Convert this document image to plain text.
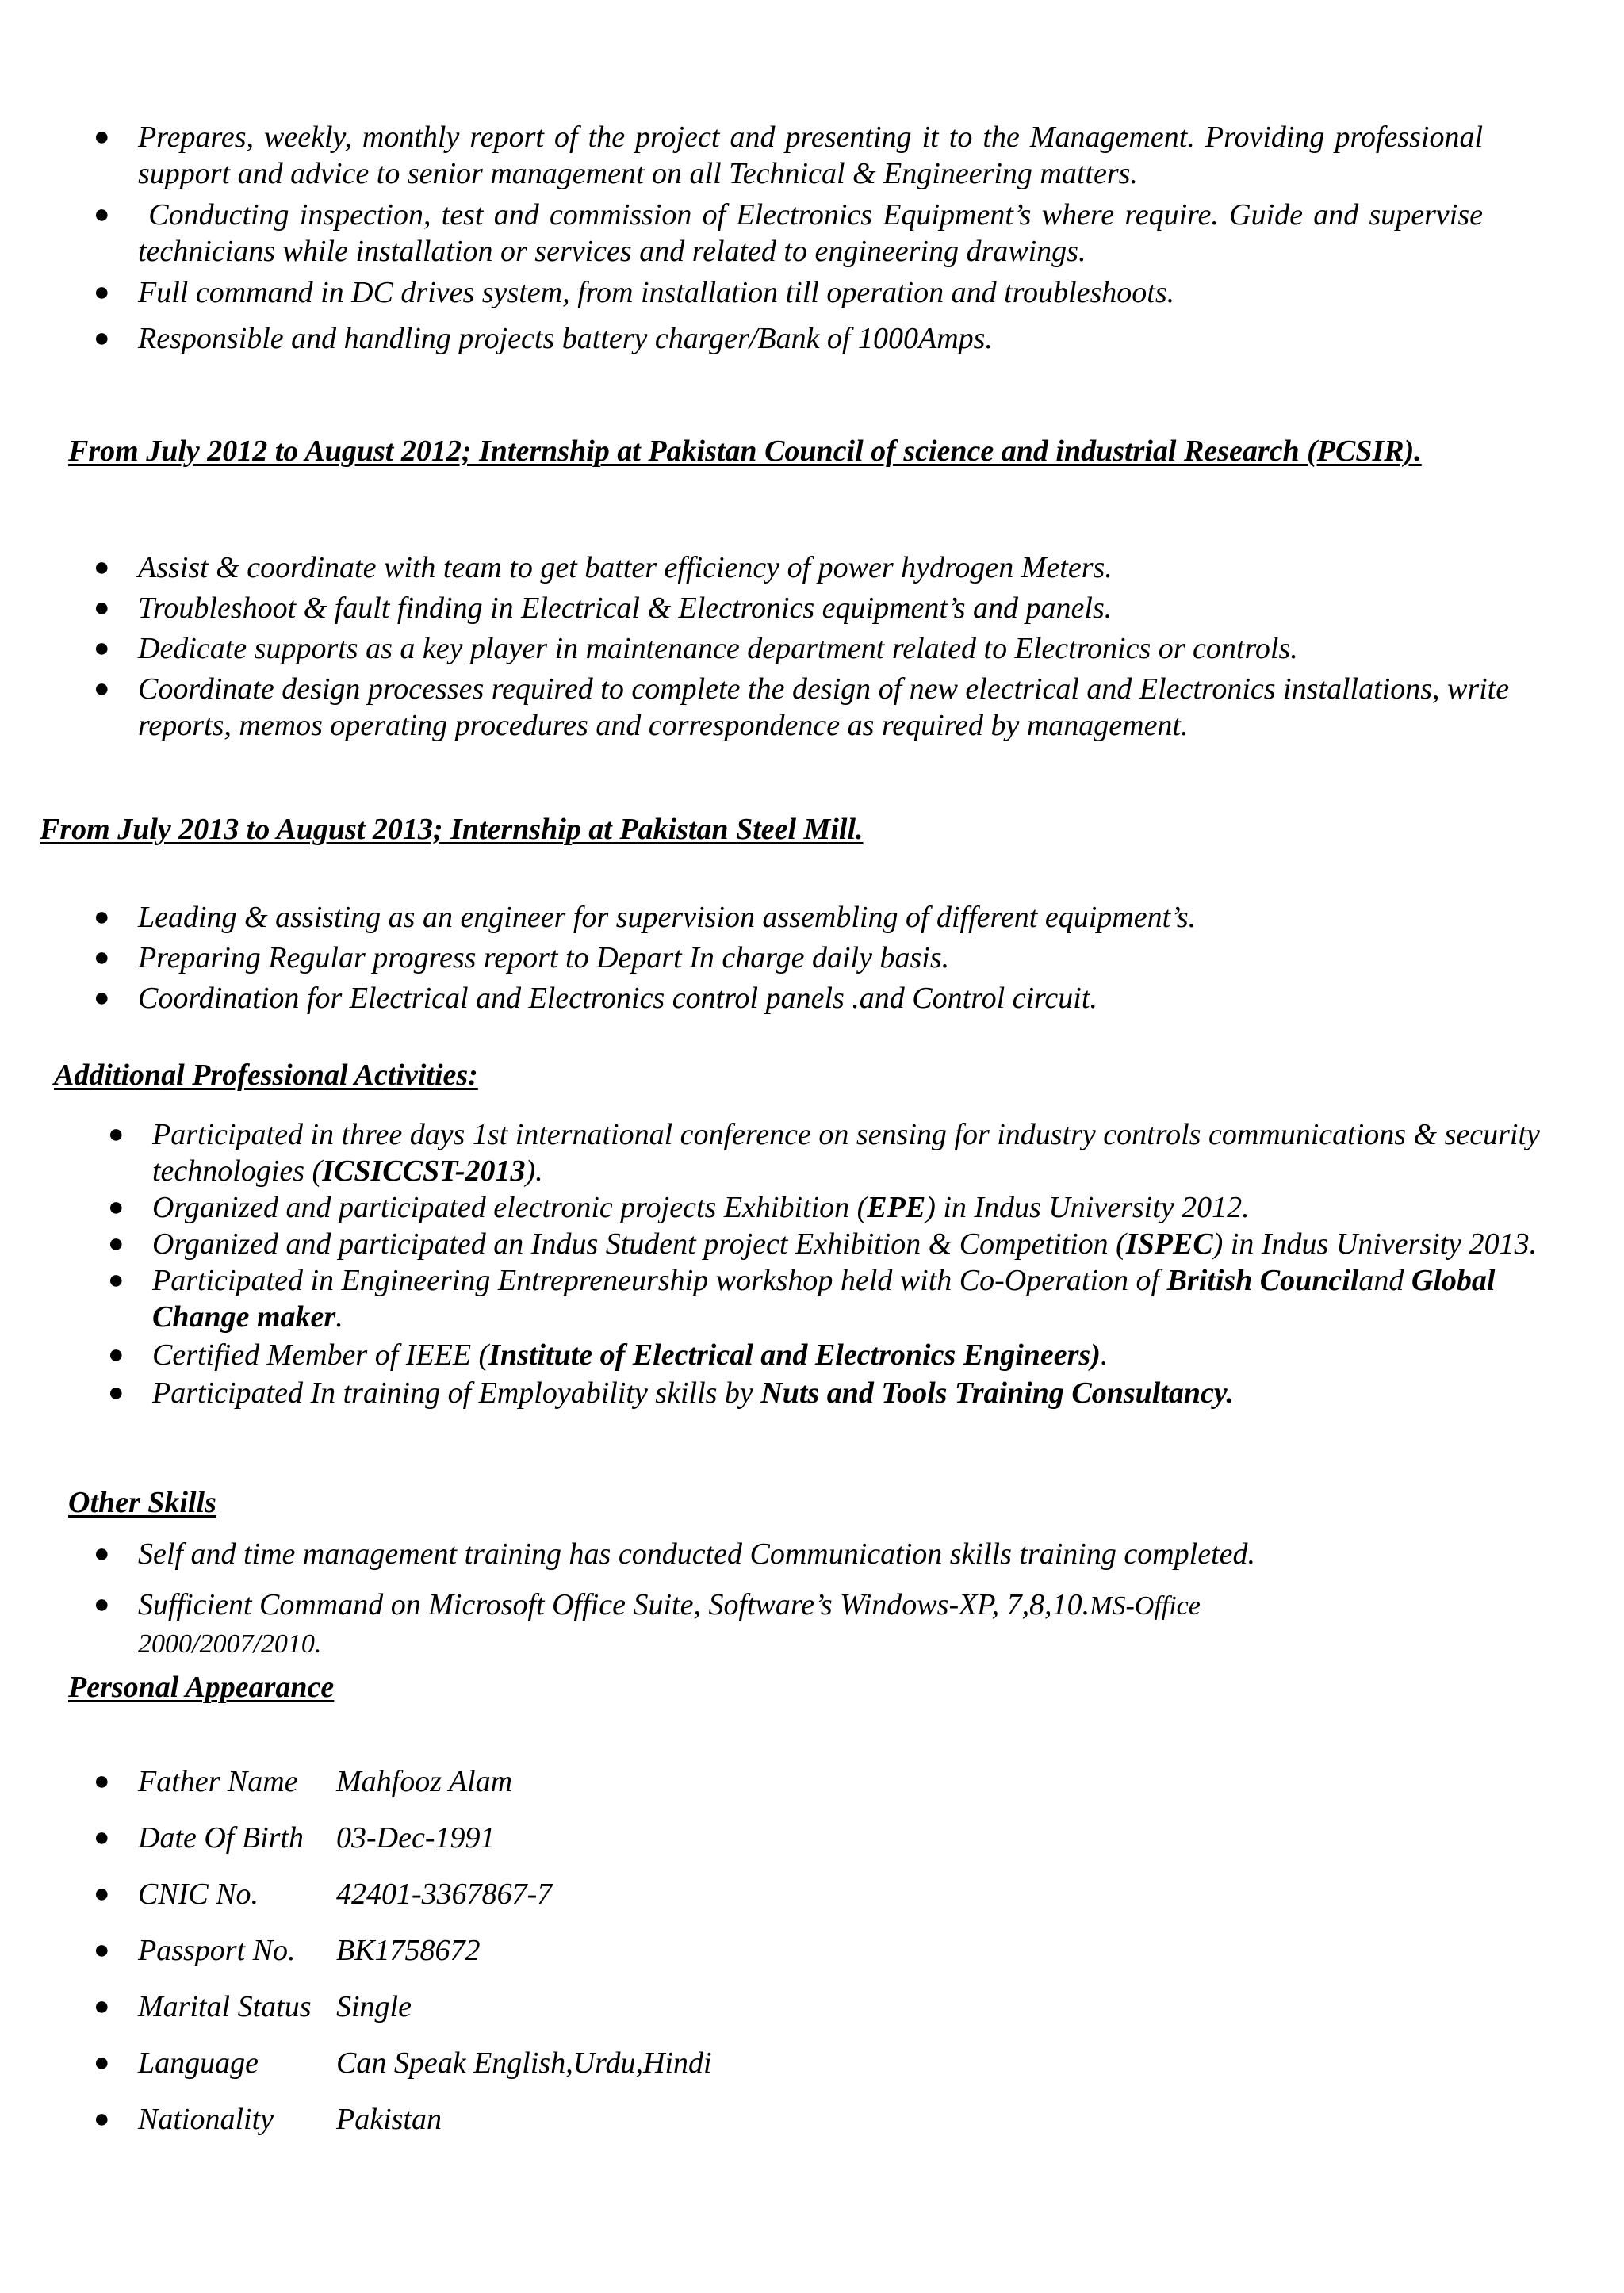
● Prepares, weekly, monthly report of the project and presenting it to the Management. Providing professional support and advice to senior management on all Technical & Engineering matters.
● Conducting inspection, test and commission of Electronics Equipment’s where require. Guide and supervise technicians while installation or services and related to engineering drawings.
● Full command in DC drives system, from installation till operation and troubleshoots.
● Responsible and handling projects battery charger/Bank of 1000Amps.
From July 2012 to August 2012; Internship at Pakistan Council of science and industrial Research (PCSIR).
● Assist & coordinate with team to get batter efficiency of power hydrogen Meters.
● Troubleshoot & fault finding in Electrical & Electronics equipment’s and panels.
● Dedicate supports as a key player in maintenance department related to Electronics or controls.
● Coordinate design processes required to complete the design of new electrical and Electronics installations, write reports, memos operating procedures and correspondence as required by management.
From July 2013 to August 2013; Internship at Pakistan Steel Mill.
● Leading & assisting as an engineer for supervision assembling of different equipment’s.
● Preparing Regular progress report to Depart In charge daily basis.
● Coordination for Electrical and Electronics control panels .and Control circuit.
Additional Professional Activities:
● Participated in three days 1st international conference on sensing for industry controls communications & security technologies (ICSICCST-2013).
● Organized and participated electronic projects Exhibition (EPE) in Indus University 2012.
● Organized and participated an Indus Student project Exhibition & Competition (ISPEC) in Indus University 2013.
● Participated in Engineering Entrepreneurship workshop held with Co-Operation of British Counciland Global Change maker.
● Certified Member of IEEE (Institute of Electrical and Electronics Engineers).
● Participated In training of Employability skills by Nuts and Tools Training Consultancy.
Other Skills
● Self and time management training has conducted Communication skills training completed.
● Sufficient Command on Microsoft Office Suite, Software’s Windows-XP, 7,8,10.MS-Office 2000/2007/2010.
Personal Appearance
● Father Name Mahfooz Alam
● Date Of Birth 03-Dec-1991
● CNIC No.	42401-3367867-7
● Passport No. BK1758672
● Marital Status Single
● Language	Can Speak English,Urdu,Hindi
● Nationality Pakistan
